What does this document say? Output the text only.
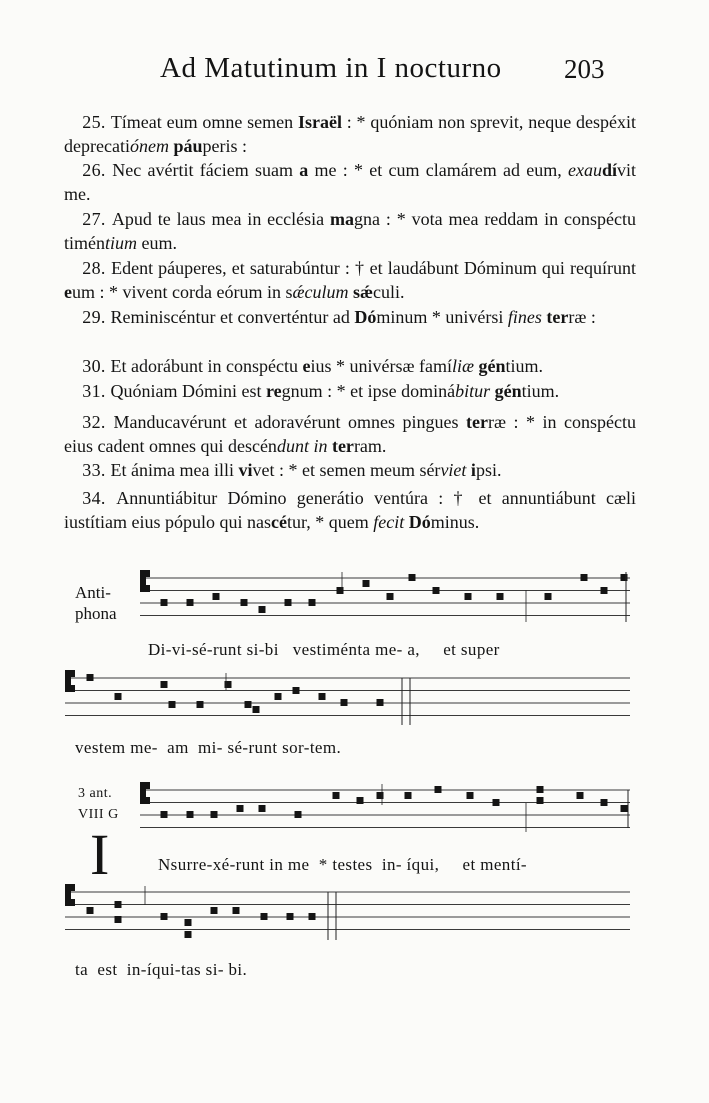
Ad Matutinum in I nocturno 203
 25. Tímeat eum omne semen Israël : * quóniam non sprevit, neque despéxit deprecatiónem páuperis :
 26. Nec avértit fáciem suam a me : * et cum clamárem ad eum, exaudívit me.
 27. Apud te laus mea in ecclésia magna : * vota mea reddam in conspéctu timéntium eum.
 28. Edent páuperes, et saturabúntur : † et laudábunt Dóminum qui requírunt eum : * vivent corda eórum in sǽculum sǽculi.
 29. Reminiscéntur et converténtur ad Dóminum * univérsi fines terræ :
 30. Et adorábunt in conspéctu eius * univérsæ famíliæ géntium.
 31. Quóniam Dómini est regnum : * et ipse dominábitur géntium.
 32. Manducavérunt et adoravérunt omnes pingues terræ : * in conspéctu eius cadent omnes qui descéndunt in terram.
 33. Et ánima mea illi vivet : * et semen meum sérviet ipsi.
 34. Annuntiábitur Dómino generátio ventúra : † et annuntiábunt cæli iustítiam eius pópulo qui nascétur, * quem fecit Dóminus.
Anti-
phona
Di-vi-sé-runt si-bi   vestiménta me- a,     et super
vestem me-  am  mi- sé-runt sor-tem.
3 ant.
VIII G
I	Nsurre-xé-runt in me  * testes  in- íqui,     et mentí-
ta  est  in-íqui-tas si- bi.
